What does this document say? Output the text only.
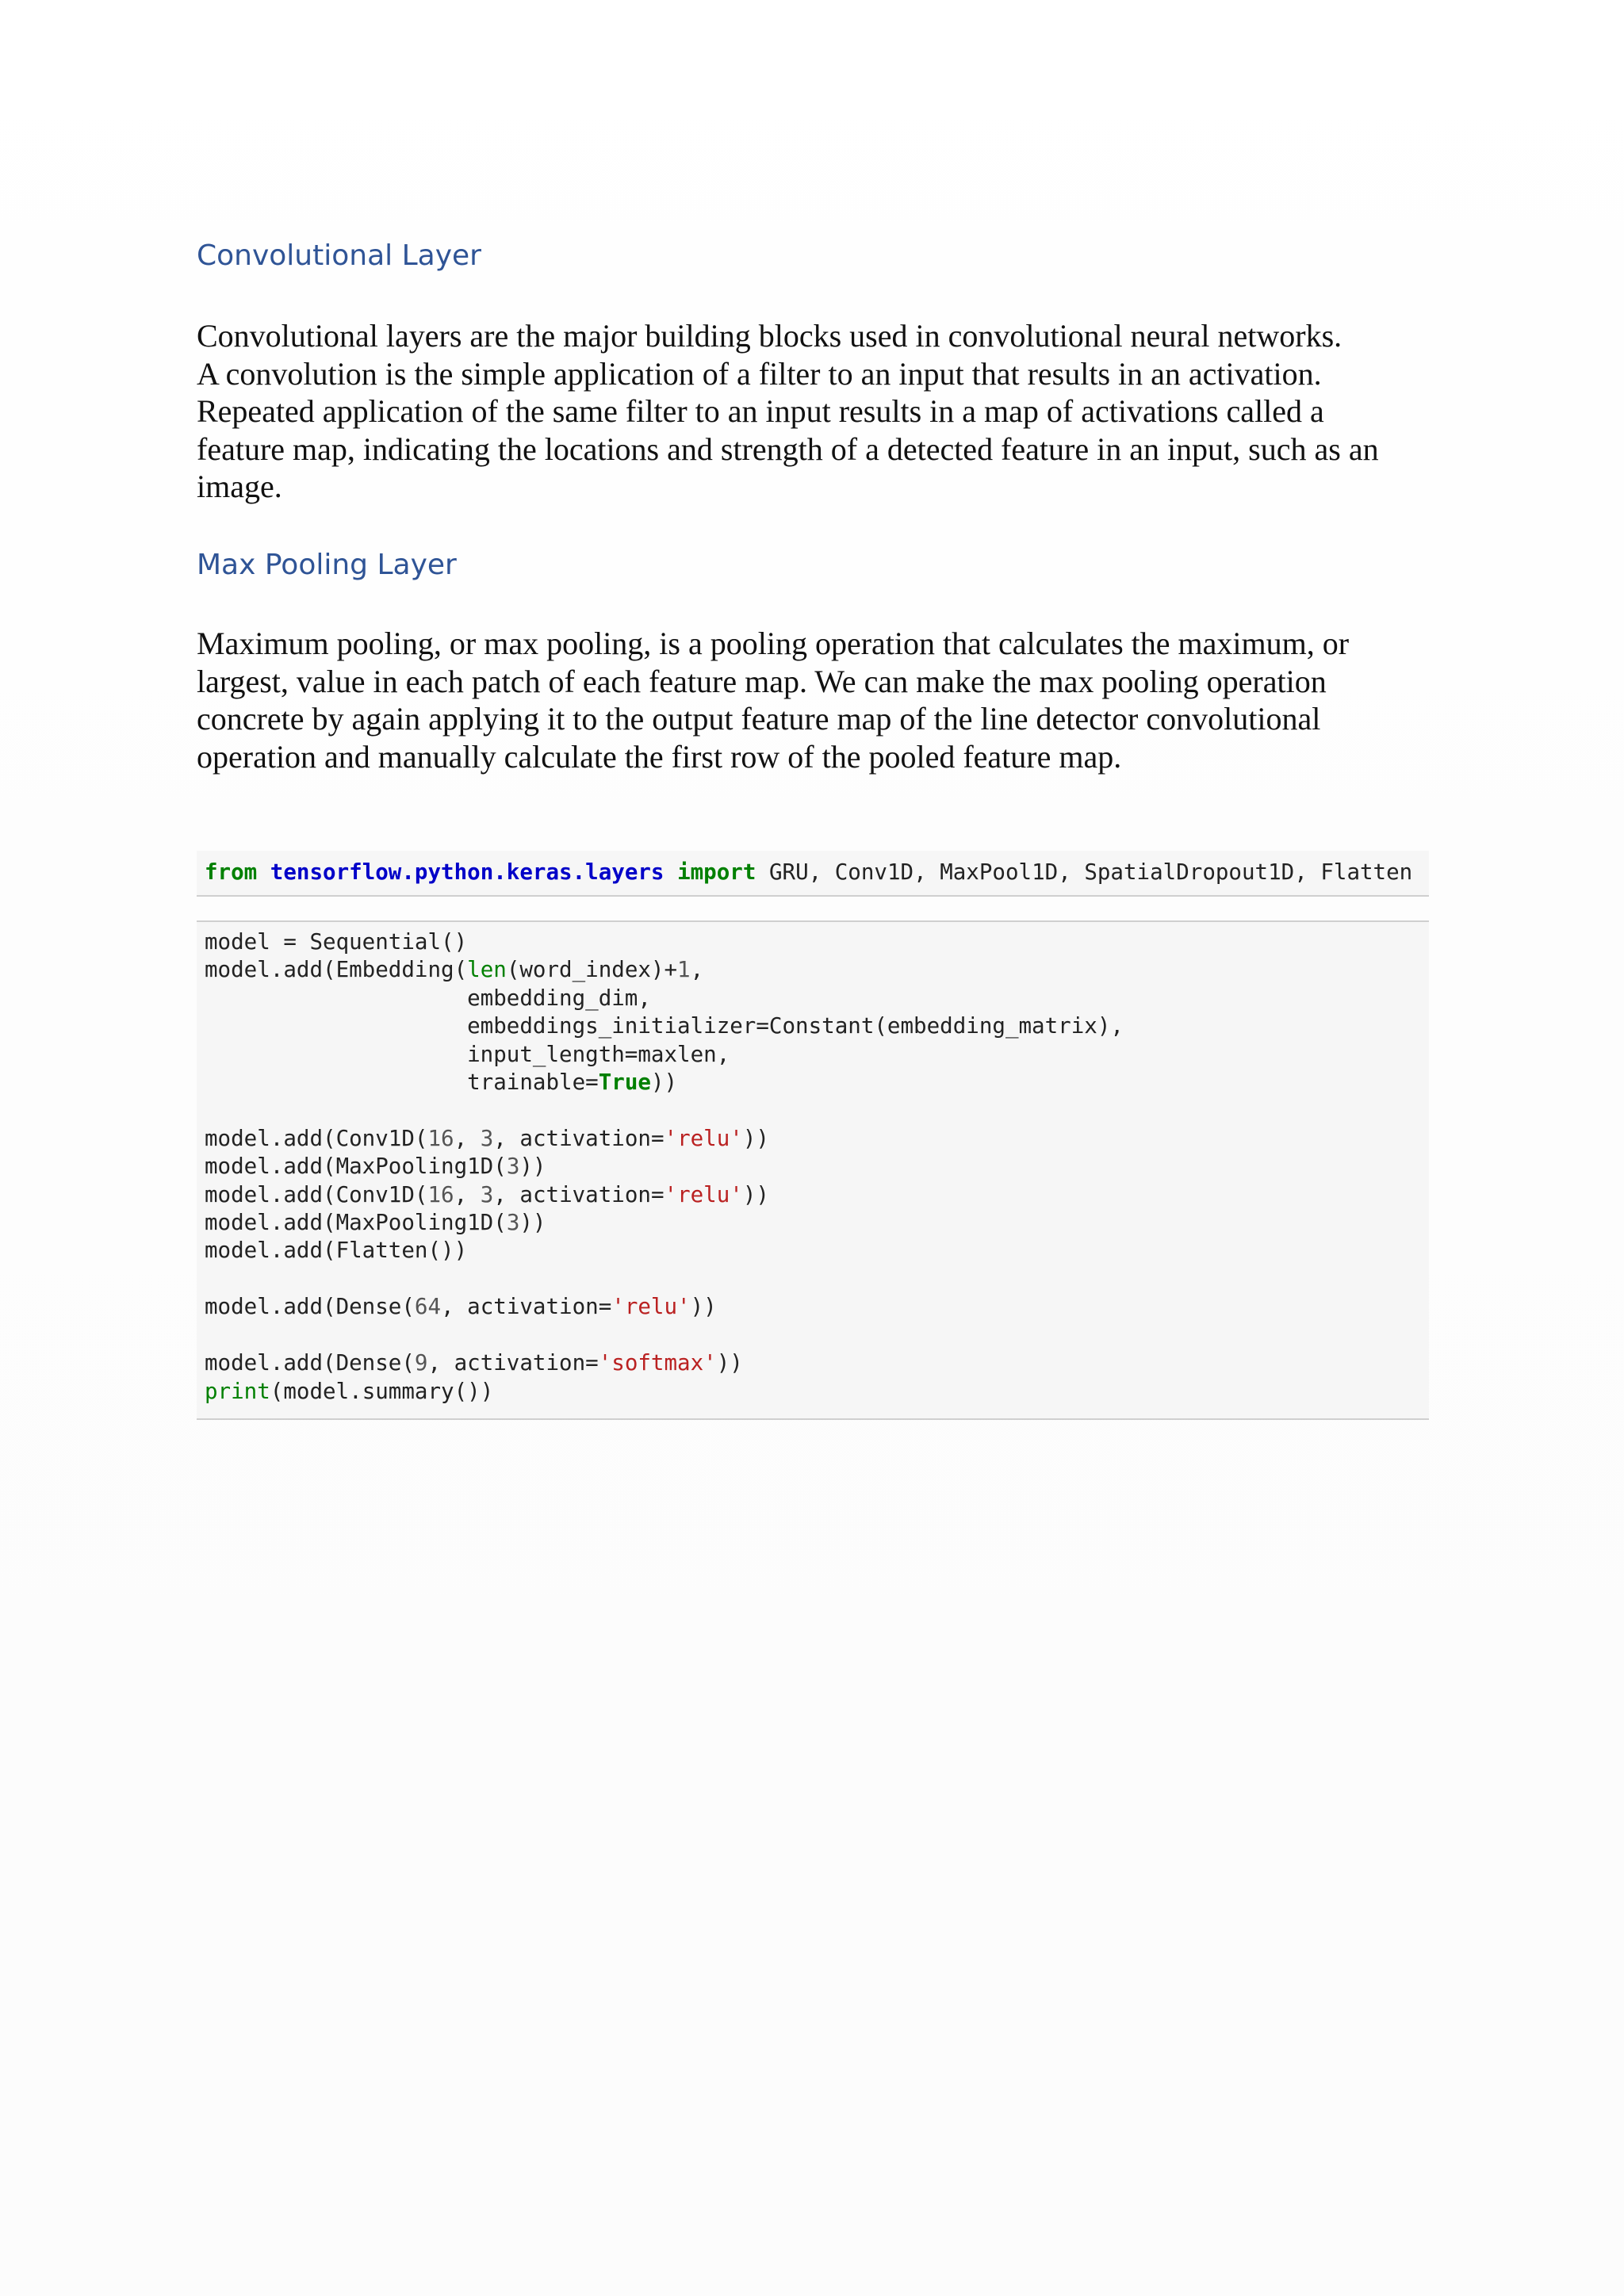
Convolutional Layer
Convolutional layers are the major building blocks used in convolutional neural networks.
A convolution is the simple application of a filter to an input that results in an activation.
Repeated application of the same filter to an input results in a map of activations called a
feature map, indicating the locations and strength of a detected feature in an input, such as an
image.
Max Pooling Layer
Maximum pooling, or max pooling, is a pooling operation that calculates the maximum, or
largest, value in each patch of each feature map. We can make the max pooling operation
concrete by again applying it to the output feature map of the line detector convolutional
operation and manually calculate the first row of the pooled feature map.
from tensorflow.python.keras.layers import GRU, Conv1D, MaxPool1D, SpatialDropout1D, Flatten
model = Sequential()
model.add(Embedding(len(word_index)+1,
embedding_dim,
embeddings_initializer=Constant(embedding_matrix),
input_length=maxlen,
trainable=True))

model.add(Conv1D(16, 3, activation='relu'))
model.add(MaxPooling1D(3))
model.add(Conv1D(16, 3, activation='relu'))
model.add(MaxPooling1D(3))
model.add(Flatten())

model.add(Dense(64, activation='relu'))

model.add(Dense(9, activation='softmax'))
print(model.summary())
